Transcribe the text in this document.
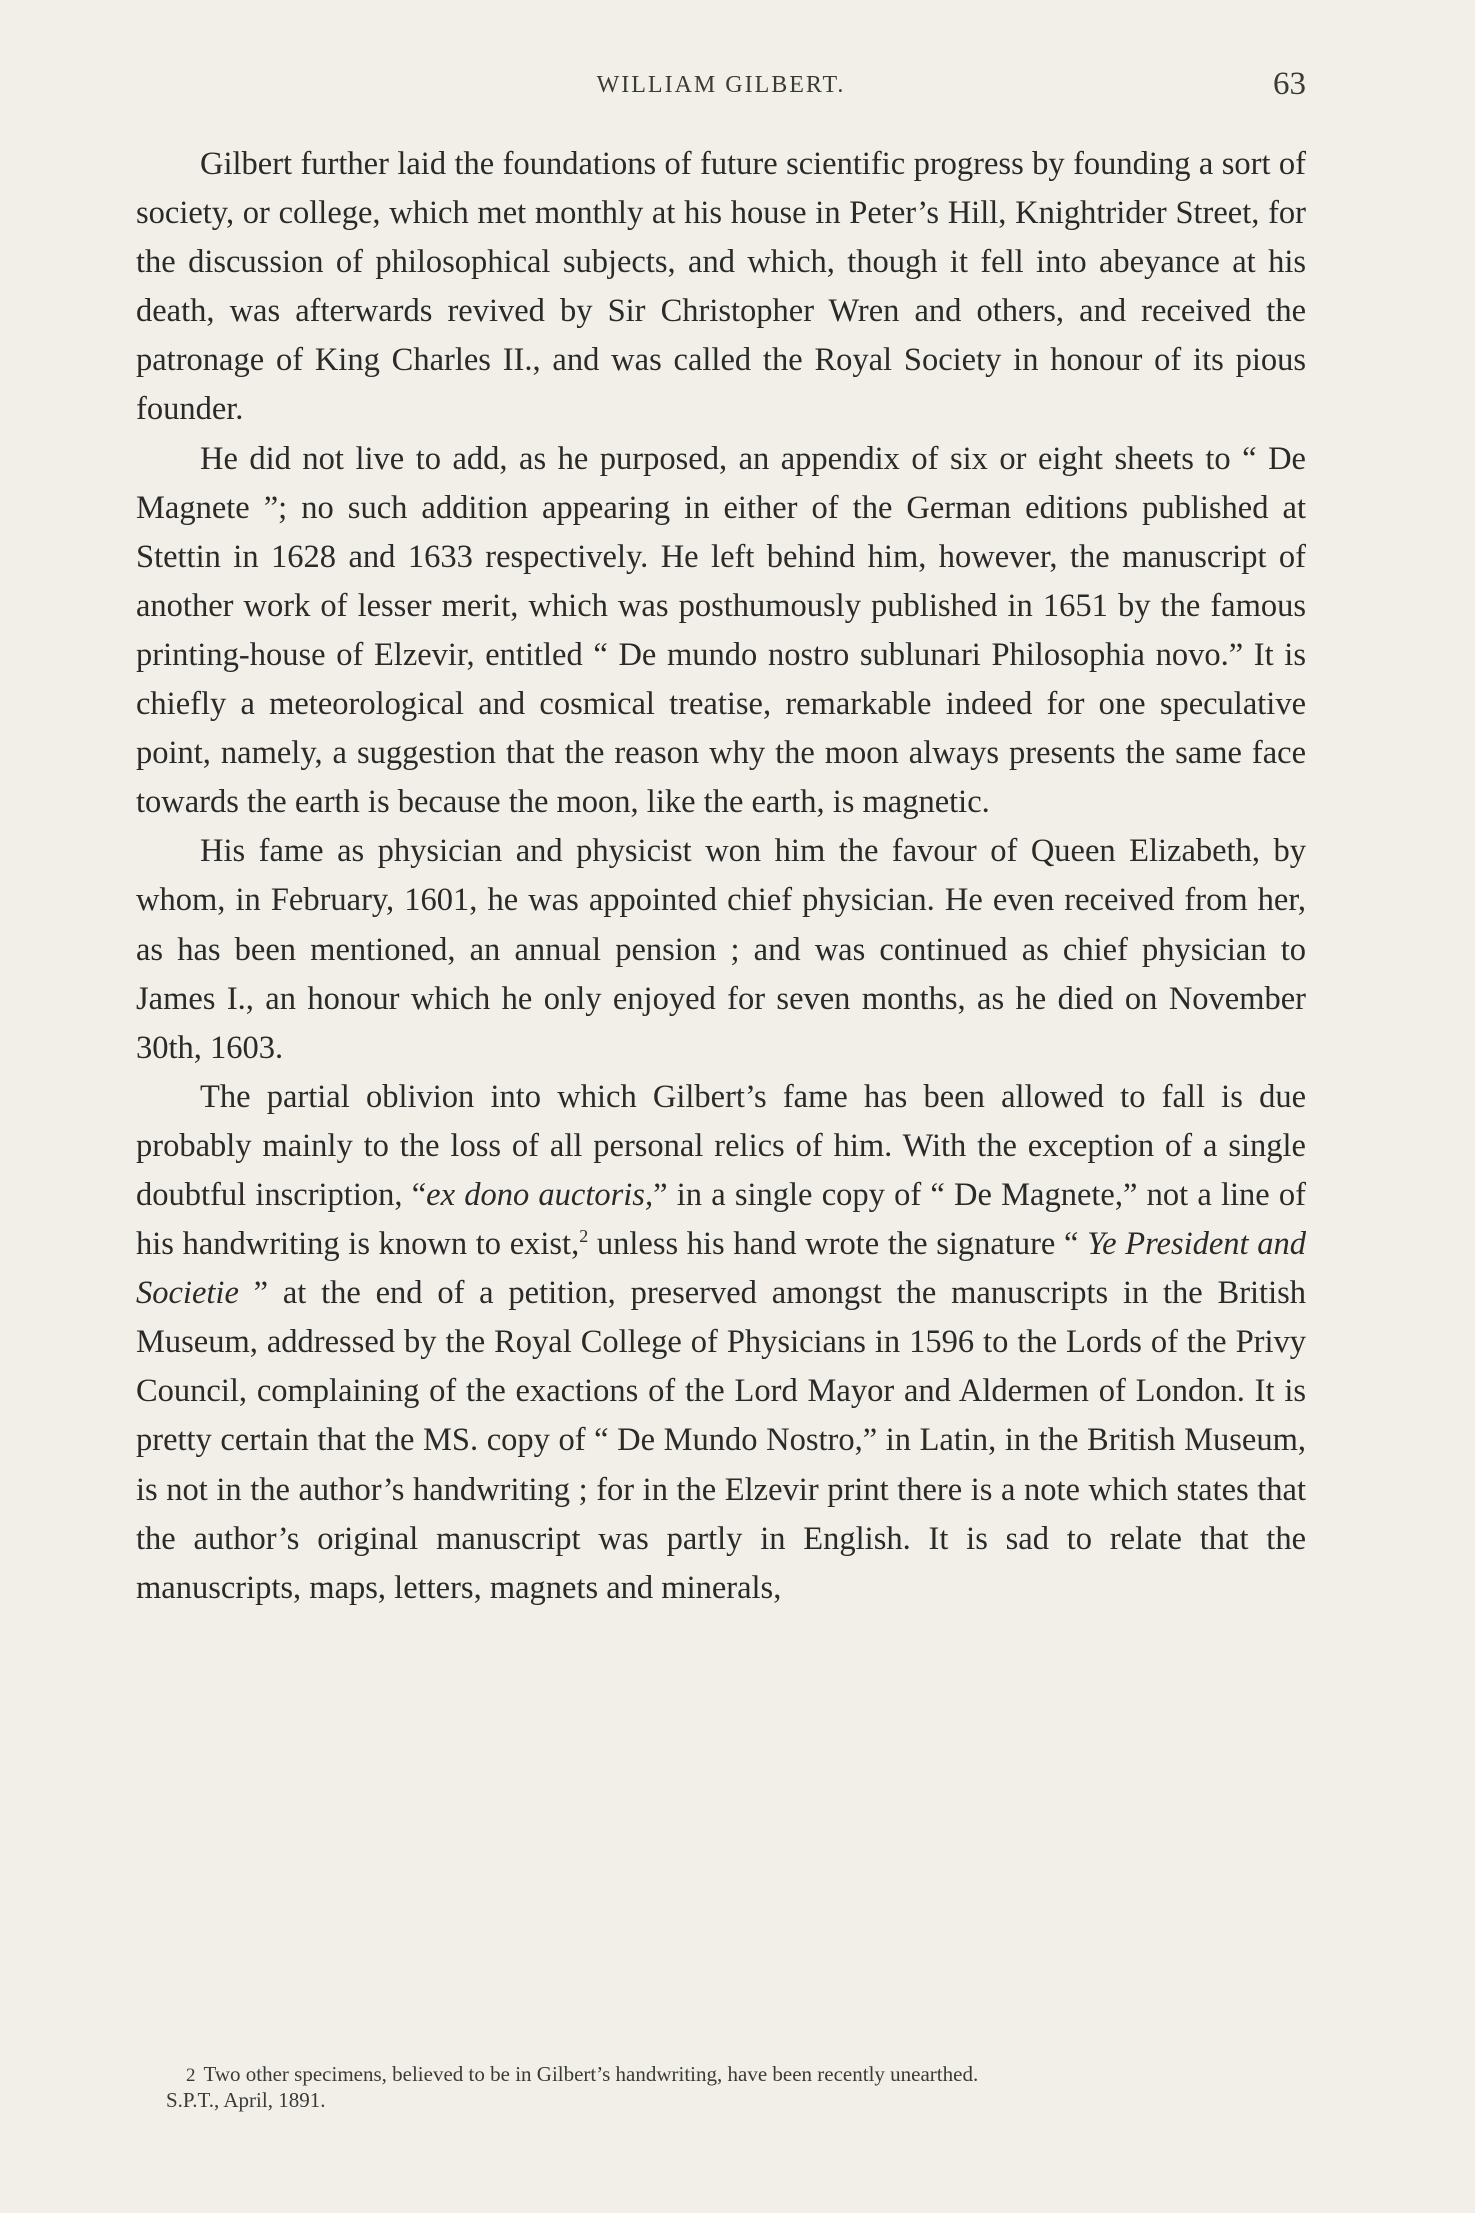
WILLIAM GILBERT.	63

Gilbert further laid the foundations of future scientific progress by founding a sort of society, or college, which met monthly at his house in Peter’s Hill, Knightrider Street, for the discussion of philosophical subjects, and which, though it fell into abeyance at his death, was afterwards revived by Sir Christopher Wren and others, and received the patronage of King Charles II., and was called the Royal Society in honour of its pious founder.

He did not live to add, as he purposed, an appendix of six or eight sheets to “ De Magnete ”; no such addition appearing in either of the German editions published at Stettin in 1628 and 1633 respectively. He left behind him, however, the manuscript of another work of lesser merit, which was posthumously published in 1651 by the famous printing-house of Elzevir, entitled “ De mundo nostro sublunari Philosophia novo.” It is chiefly a meteorological and cosmical treatise, remarkable indeed for one speculative point, namely, a suggestion that the reason why the moon always presents the same face towards the earth is because the moon, like the earth, is magnetic.

His fame as physician and physicist won him the favour of Queen Elizabeth, by whom, in February, 1601, he was appointed chief physician. He even received from her, as has been mentioned, an annual pension ; and was continued as chief physician to James I., an honour which he only enjoyed for seven months, as he died on November 30th, 1603.

The partial oblivion into which Gilbert’s fame has been allowed to fall is due probably mainly to the loss of all personal relics of him. With the exception of a single doubtful inscription, “ex dono auctoris,” in a single copy of “ De Magnete,” not a line of his handwriting is known to exist,$^2$ unless his hand wrote the signature “ Ye President and Societie ” at the end of a petition, preserved amongst the manuscripts in the British Museum, addressed by the Royal College of Physicians in 1596 to the Lords of the Privy Council, complaining of the exactions of the Lord Mayor and Aldermen of London. It is pretty certain that the MS. copy of “ De Mundo Nostro,” in Latin, in the British Museum, is not in the author’s handwriting ; for in the Elzevir print there is a note which states that the author’s original manuscript was partly in English. It is sad to relate that the manuscripts, maps, letters, magnets and minerals,

2 Two other specimens, believed to be in Gilbert’s handwriting, have been recently unearthed.
S.P.T., April, 1891.
